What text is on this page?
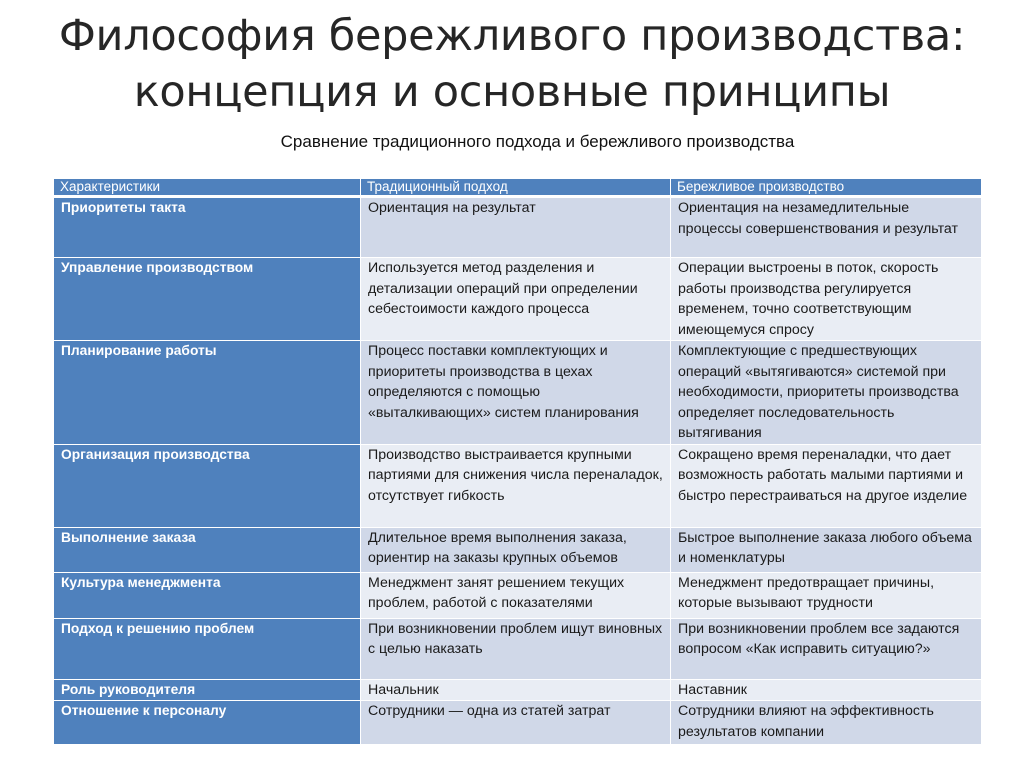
Философия бережливого производства:
концепция и основные принципы
Сравнение традиционного подхода и бережливого производства
Характеристики	Традиционный подход	Бережливое производство
Приоритеты такта	Ориентация на результат	Ориентация на незамедлительные процессы совершенствования и результат
Управление производством	Используется метод разделения и детализации операций при определении себестоимости каждого процесса	Операции выстроены в поток, скорость работы производства регулируется временем, точно соответствующим имеющемуся спросу
Планирование работы	Процесс поставки комплектующих и приоритеты производства в цехах определяются с помощью «выталкивающих» систем планирования	Комплектующие с предшествующих операций «вытягиваются» системой при необходимости, приоритеты производства определяет последовательность вытягивания
Организация производства	Производство выстраивается крупными партиями для снижения числа переналадок, отсутствует гибкость	Сокращено время переналадки, что дает возможность работать малыми партиями и быстро перестраиваться на другое изделие
Выполнение заказа	Длительное время выполнения заказа, ориентир на заказы крупных объемов	Быстрое выполнение заказа любого объема и номенклатуры
Культура менеджмента	Менеджмент занят решением текущих проблем, работой с показателями	Менеджмент предотвращает причины, которые вызывают трудности
Подход к решению проблем	При возникновении проблем ищут виновных с целью наказать	При возникновении проблем все задаются вопросом «Как исправить ситуацию?»
Роль руководителя	Начальник	Наставник
Отношение к персоналу	Сотрудники — одна из статей затрат	Сотрудники влияют на эффективность результатов компании
